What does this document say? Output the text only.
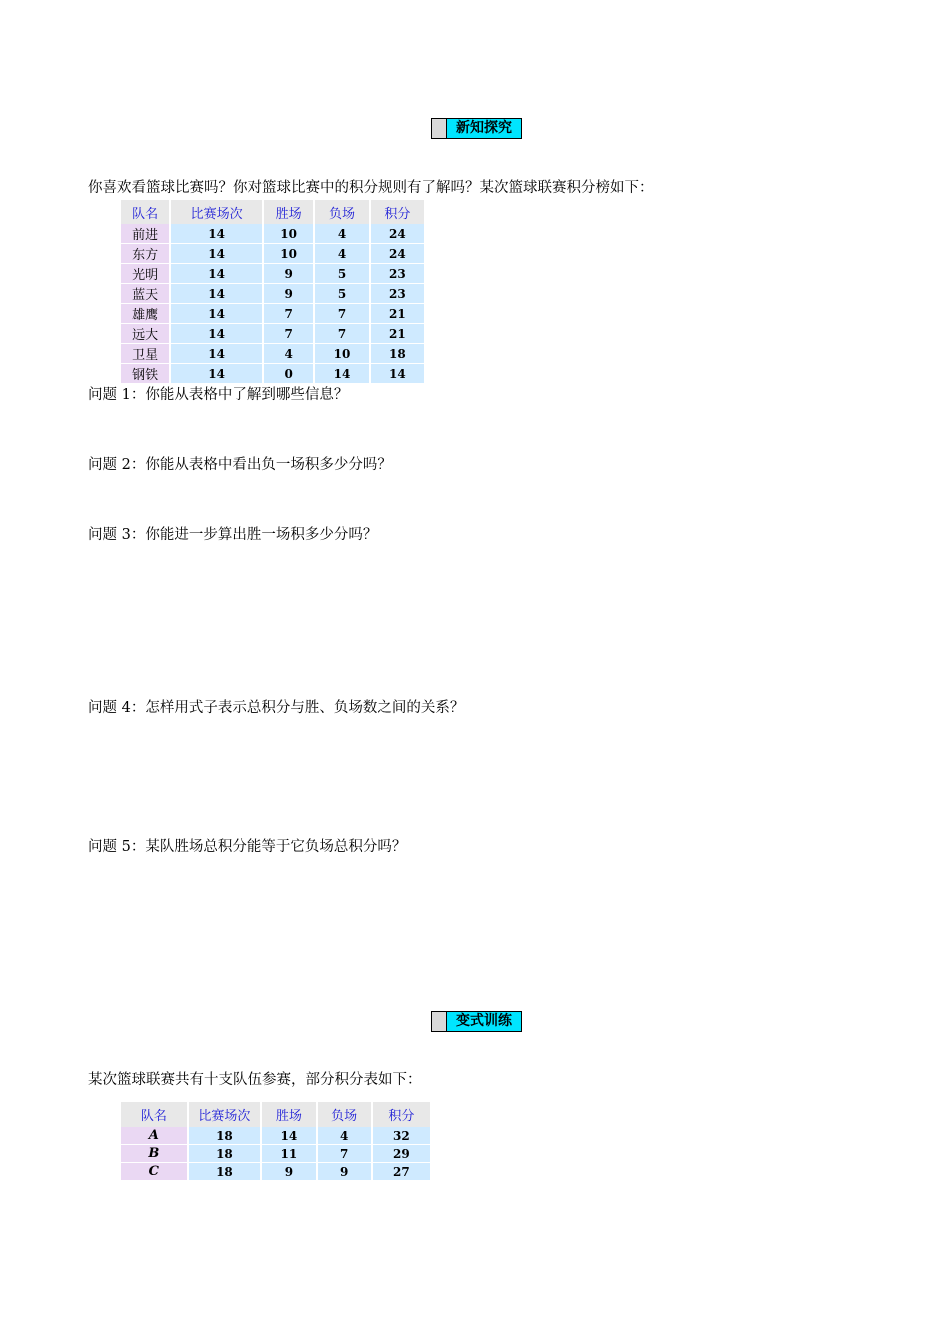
新知探究
你喜欢看篮球比赛吗？你对篮球比赛中的积分规则有了解吗？某次篮球联赛积分榜如下：
队名	比赛场次	胜场	负场	积分
前进	14	10	4	24
东方	14	10	4	24
光明	14	9	5	23
蓝天	14	9	5	23
雄鹰	14	7	7	21
远大	14	7	7	21
卫星	14	4	10	18
钢铁	14	0	14	14
问题 1：你能从表格中了解到哪些信息？
问题 2：你能从表格中看出负一场积多少分吗？
问题 3：你能进一步算出胜一场积多少分吗？
问题 4：怎样用式子表示总积分与胜、负场数之间的关系？
问题 5：某队胜场总积分能等于它负场总积分吗？
变式训练
某次篮球联赛共有十支队伍参赛，部分积分表如下：
队名	比赛场次	胜场	负场	积分
A	18	14	4	32
B	18	11	7	29
C	18	9	9	27
